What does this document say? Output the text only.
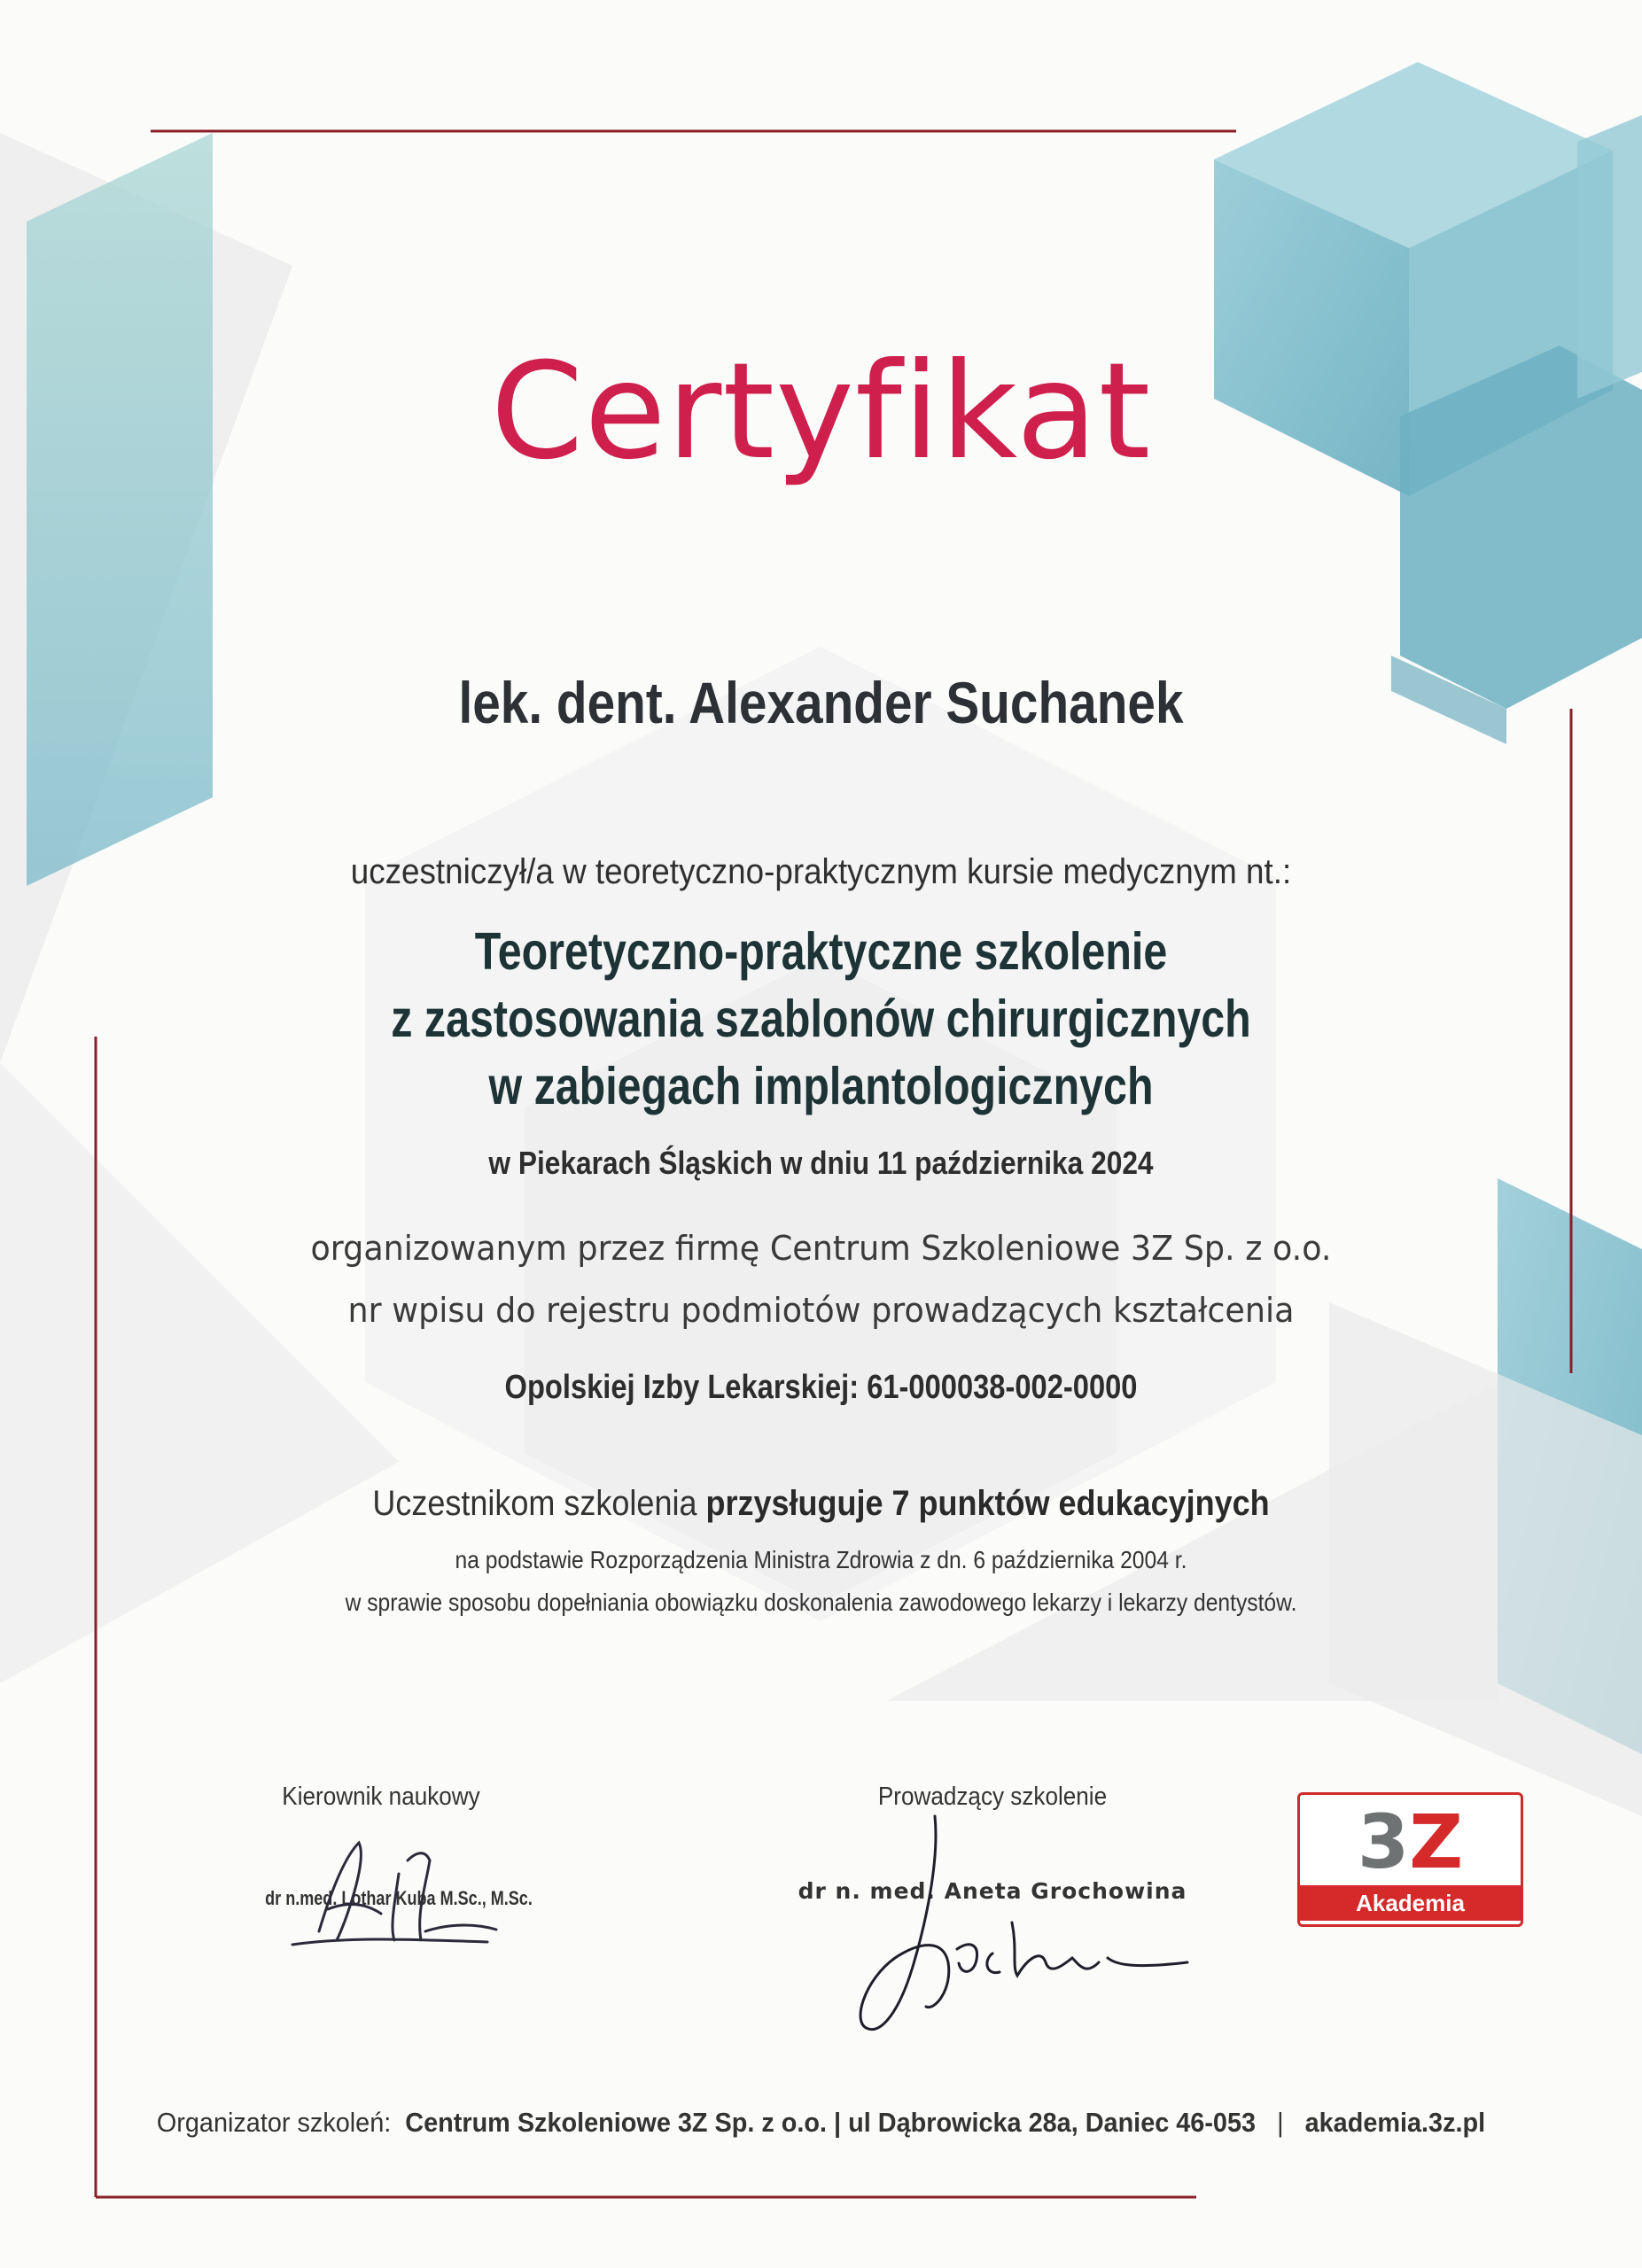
Certyfikat
lek. dent. Alexander Suchanek
uczestniczył/a w teoretyczno-praktycznym kursie medycznym nt.:
Teoretyczno-praktyczne szkolenie
z zastosowania szablonów chirurgicznych
w zabiegach implantologicznych
w Piekarach Śląskich w dniu 11 października 2024
organizowanym przez firmę Centrum Szkoleniowe 3Z Sp. z o.o.
nr wpisu do rejestru podmiotów prowadzących kształcenia
Opolskiej Izby Lekarskiej: 61-000038-002-0000
Uczestnikom szkolenia przysługuje 7 punktów edukacyjnych
na podstawie Rozporządzenia Ministra Zdrowia z dn. 6 października 2004 r.
w sprawie sposobu dopełniania obowiązku doskonalenia zawodowego lekarzy i lekarzy dentystów.
Kierownik naukowy
dr n.med. Lothar Kuba M.Sc., M.Sc.
Prowadzący szkolenie
dr n. med. Aneta Grochowina
3Z
Akademia
Organizator szkoleń: Centrum Szkoleniowe 3Z Sp. z o.o. | ul Dąbrowicka 28a, Daniec 46-053 | akademia.3z.pl
